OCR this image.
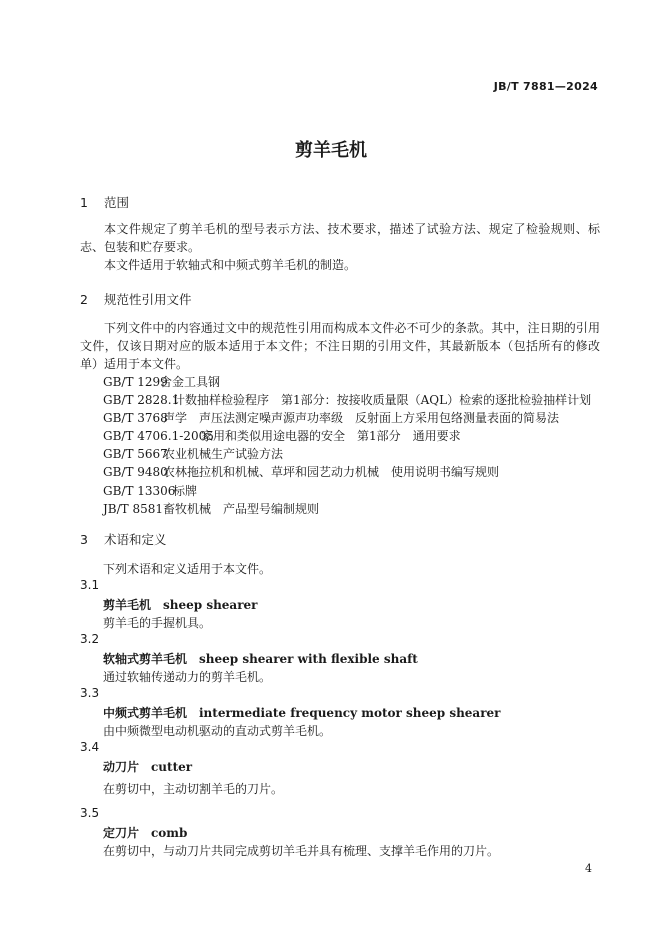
JB/T 7881—2024
剪羊毛机
1 范围

本文件规定了剪羊毛机的型号表示方法、技术要求，描述了试验方法、规定了检验规则、标志、包装和贮存要求。

本文件适用于软轴式和中频式剪羊毛机的制造。

2 规范性引用文件

下列文件中的内容通过文中的规范性引用而构成本文件必不可少的条款。其中，注日期的引用文件，仅该日期对应的版本适用于本文件；不注日期的引用文件，其最新版本（包括所有的修改单）适用于本文件。

GB/T 1299合金工具钢
GB/T 2828.1计数抽样检验程序　第1部分：按接收质量限（AQL）检索的逐批检验抽样计划
GB/T 3768声学　声压法测定噪声源声功率级　反射面上方采用包络测量表面的简易法
GB/T 4706.1-2005家用和类似用途电器的安全　第1部分　通用要求
GB/T 5667农业机械生产试验方法
GB/T 9480农林拖拉机和机械、草坪和园艺动力机械　使用说明书编写规则
GB/T 13306标牌
JB/T 8581畜牧机械　产品型号编制规则
3 术语和定义
下列术语和定义适用于本文件。
3.1
剪羊毛机　sheep shearer
剪羊毛的手握机具。
3.2
软轴式剪羊毛机　sheep shearer with flexible shaft
通过软轴传递动力的剪羊毛机。
3.3
中频式剪羊毛机　intermediate frequency motor sheep shearer
由中频微型电动机驱动的直动式剪羊毛机。
3.4
动刀片　cutter
在剪切中，主动切割羊毛的刀片。
3.5
定刀片　comb
在剪切中，与动刀片共同完成剪切羊毛并具有梳理、支撑羊毛作用的刀片。
4
